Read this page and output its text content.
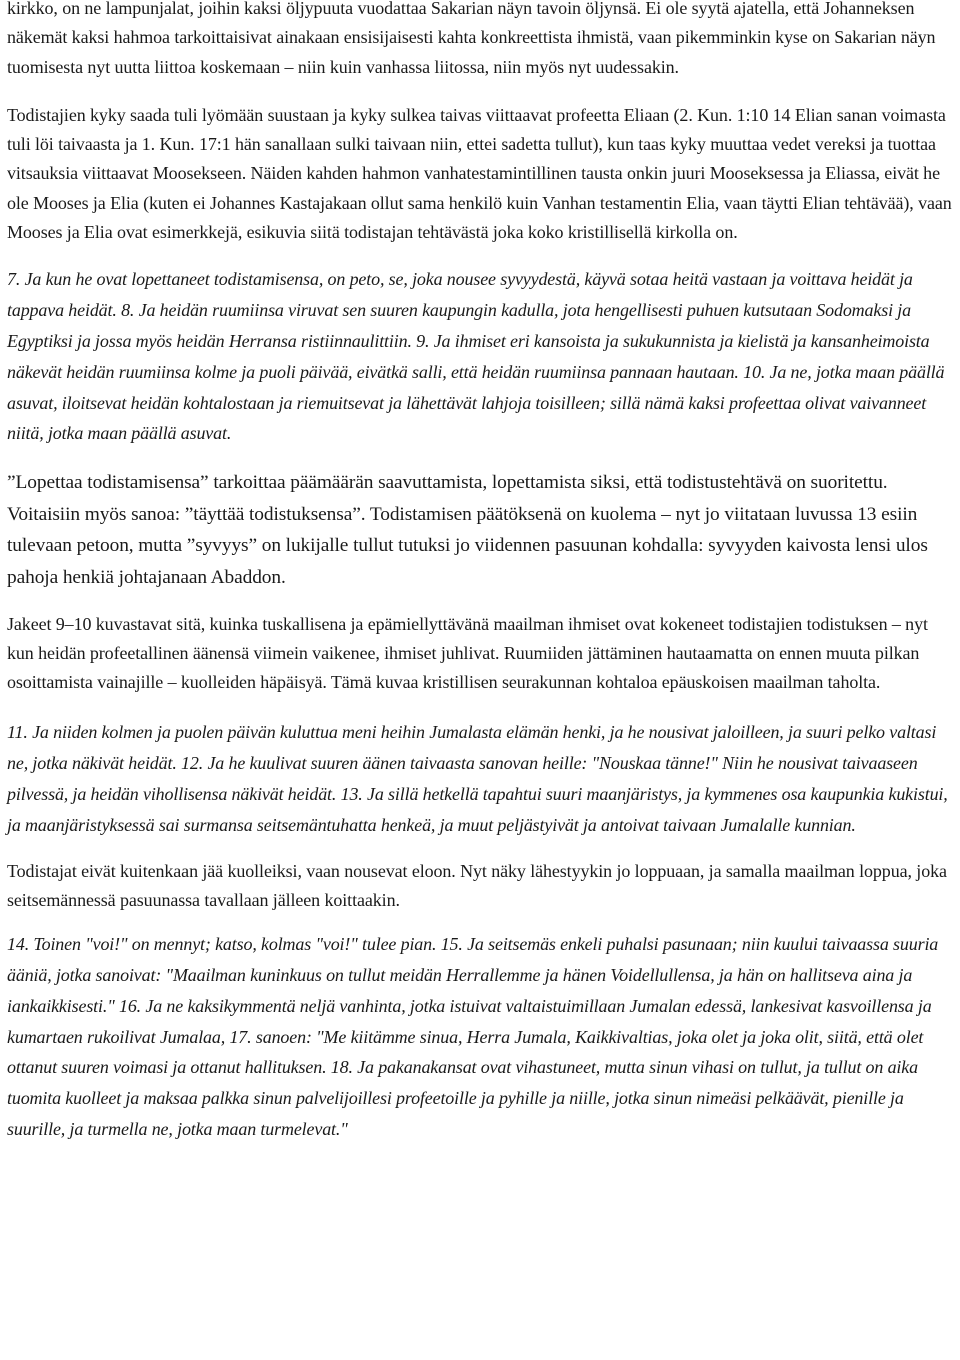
kirkko, on ne lampunjalat, joihin kaksi öljypuuta vuodattaa Sakarian näyn tavoin öljynsä. Ei ole syytä ajatella, että Johanneksen näkemät kaksi hahmoa tarkoittaisivat ainakaan ensisijaisesti kahta konkreettista ihmistä, vaan pikemminkin kyse on Sakarian näyn tuomisesta nyt uutta liittoa koskemaan – niin kuin vanhassa liitossa, niin myös nyt uudessakin.

Todistajien kyky saada tuli lyömään suustaan ja kyky sulkea taivas viittaavat profeetta Eliaan (2. Kun. 1:10 14 Elian sanan voimasta tuli löi taivaasta ja 1. Kun. 17:1 hän sanallaan sulki taivaan niin, ettei sadetta tullut), kun taas kyky muuttaa vedet vereksi ja tuottaa vitsauksia viittaavat Moosekseen. Näiden kahden hahmon vanhatestamintillinen tausta onkin juuri Mooseksessa ja Eliassa, eivät he ole Mooses ja Elia (kuten ei Johannes Kastajakaan ollut sama henkilö kuin Vanhan testamentin Elia, vaan täytti Elian tehtävää), vaan Mooses ja Elia ovat esimerkkejä, esikuvia siitä todistajan tehtävästä joka koko kristillisellä kirkolla on.

7. Ja kun he ovat lopettaneet todistamisensa, on peto, se, joka nousee syvyydestä, käyvä sotaa heitä vastaan ja voittava heidät ja tappava heidät. 8. Ja heidän ruumiinsa viruvat sen suuren kaupungin kadulla, jota hengellisesti puhuen kutsutaan Sodomaksi ja Egyptiksi ja jossa myös heidän Herransa ristiinnaulittiin. 9. Ja ihmiset eri kansoista ja sukukunnista ja kielistä ja kansanheimoista näkevät heidän ruumiinsa kolme ja puoli päivää, eivätkä salli, että heidän ruumiinsa pannaan hautaan. 10. Ja ne, jotka maan päällä asuvat, iloitsevat heidän kohtalostaan ja riemuitsevat ja lähettävät lahjoja toisilleen; sillä nämä kaksi profeettaa olivat vaivanneet niitä, jotka maan päällä asuvat.

”Lopettaa todistamisensa” tarkoittaa päämäärän saavuttamista, lopettamista siksi, että todistustehtävä on suoritettu. Voitaisiin myös sanoa: ”täyttää todistuksensa”. Todistamisen päätöksenä on kuolema – nyt jo viitataan luvussa 13 esiin tulevaan petoon, mutta ”syvyys” on lukijalle tullut tutuksi jo viidennen pasuunan kohdalla: syvyyden kaivosta lensi ulos pahoja henkiä johtajanaan Abaddon.

Jakeet 9–10 kuvastavat sitä, kuinka tuskallisena ja epämiellyttävänä maailman ihmiset ovat kokeneet todistajien todistuksen – nyt kun heidän profeetallinen äänensä viimein vaikenee, ihmiset juhlivat. Ruumiiden jättäminen hautaamatta on ennen muuta pilkan osoittamista vainajille – kuolleiden häpäisyä. Tämä kuvaa kristillisen seurakunnan kohtaloa epäuskoisen maailman taholta.

11. Ja niiden kolmen ja puolen päivän kuluttua meni heihin Jumalasta elämän henki, ja he nousivat jaloilleen, ja suuri pelko valtasi ne, jotka näkivät heidät. 12. Ja he kuulivat suuren äänen taivaasta sanovan heille: "Nouskaa tänne!" Niin he nousivat taivaaseen pilvessä, ja heidän vihollisensa näkivät heidät. 13. Ja sillä hetkellä tapahtui suuri maanjäristys, ja kymmenes osa kaupunkia kukistui, ja maanjäristyksessä sai surmansa seitsemäntuhatta henkeä, ja muut peljästyivät ja antoivat taivaan Jumalalle kunnian.

Todistajat eivät kuitenkaan jää kuolleiksi, vaan nousevat eloon. Nyt näky lähestyykin jo loppuaan, ja samalla maailman loppua, joka seitsemännessä pasuunassa tavallaan jälleen koittaakin.

14. Toinen "voi!" on mennyt; katso, kolmas "voi!" tulee pian. 15. Ja seitsemäs enkeli puhalsi pasunaan; niin kuului taivaassa suuria ääniä, jotka sanoivat: "Maailman kuninkuus on tullut meidän Herrallemme ja hänen Voidellullensa, ja hän on hallitseva aina ja iankaikkisesti." 16. Ja ne kaksikymmentä neljä vanhinta, jotka istuivat valtaistuimillaan Jumalan edessä, lankesivat kasvoillensa ja kumartaen rukoilivat Jumalaa, 17. sanoen: "Me kiitämme sinua, Herra Jumala, Kaikkivaltias, joka olet ja joka olit, siitä, että olet ottanut suuren voimasi ja ottanut hallituksen. 18. Ja pakanakansat ovat vihastuneet, mutta sinun vihasi on tullut, ja tullut on aika tuomita kuolleet ja maksaa palkka sinun palvelijoillesi profeetoille ja pyhille ja niille, jotka sinun nimeäsi pelkäävät, pienille ja suurille, ja turmella ne, jotka maan turmelevat."
